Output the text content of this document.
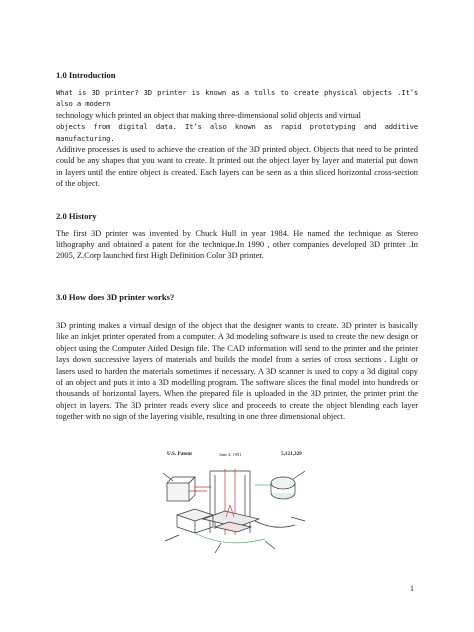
1.0 Introduction

What is 3D printer? 3D printer is known as a tolls to create physical objects .It’s also a modern

technology which printed an object that making three-dimensional solid objects and virtual

objects from digital data. It’s also known as rapid prototyping and additive manufacturing.

Additive processes is used to achieve the creation of the 3D printed object. Objects that need to be printed could be any shapes that you want to create. It printed out the object layer by layer and material put down in layers until the entire object is created. Each layers can be seen as a thin sliced horizontal cross-section of the object.

2.0 History

The first 3D printer was invented by Chuck Hull in year 1984. He named the technique as Stereo lithography and obtained a patent for the technique.In 1990 , other companies developed 3D printer .In 2005, Z.Corp launched first High Definition Color 3D printer.

3.0 How does 3D printer works?

3D printing makes a virtual design of the object that the designer wants to create. 3D printer is basically like an inkjet printer operated from a computer. A 3d modeling software is used to create the new design or object using the Computer Aided Design file. The CAD information will send to the printer and the printer lays down successive layers of materials and builds the model from a series of cross sections . Light or lasers used to harden the materials sometimes if necessary. A 3D scanner is used to copy a 3d digital copy of an object and puts it into a 3D modelling program. The software slices the final model into hundreds or thousands of horizontal layers. When the prepared file is uploaded in the 3D printer, the printer print the object in layers. The 3D printer reads every slice and proceeds to create the object blending each layer together with no sign of the layering visible, resulting in one three dimensional object.

U.S. Patent	June 4, 1991	5,121,329
1
